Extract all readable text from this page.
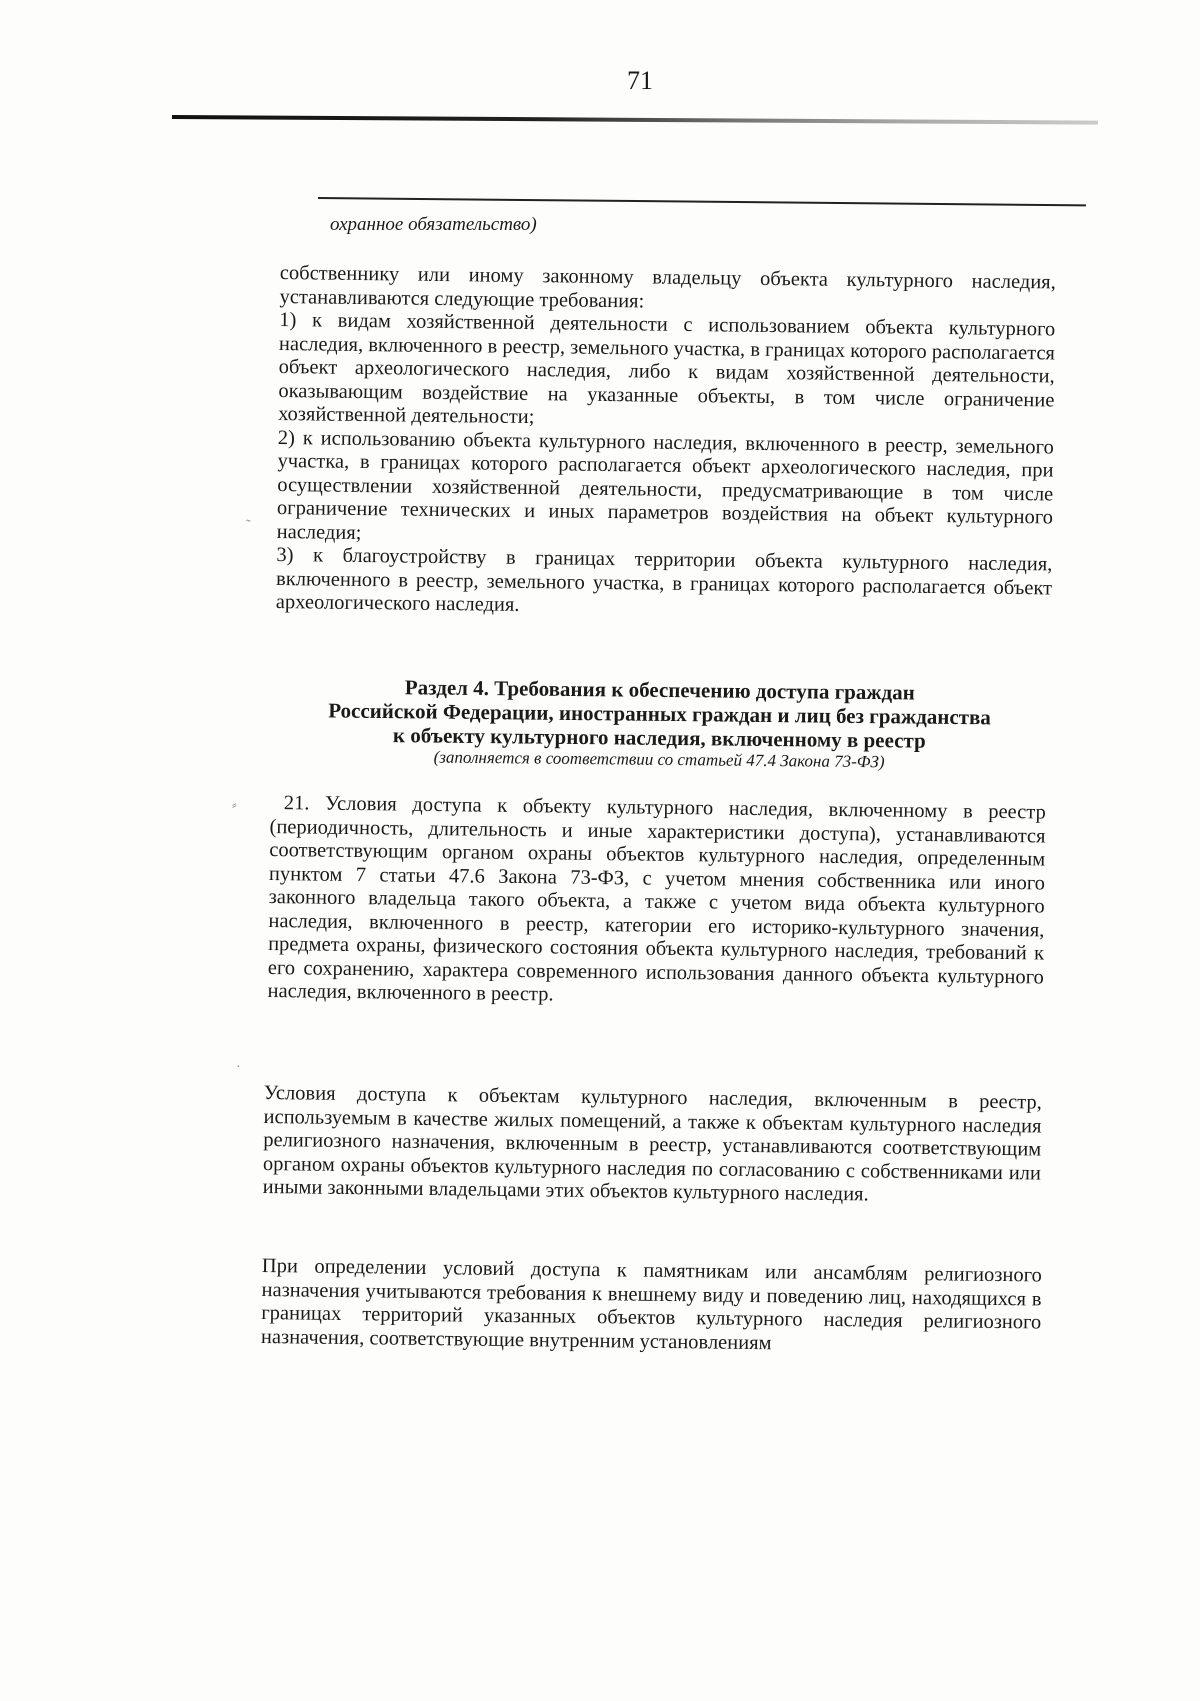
71
охранное обязательство)

собственнику или иному законному владельцу объекта культурного наследия, устанавливаются следующие требования:

1) к видам хозяйственной деятельности с использованием объекта культурного наследия, включенного в реестр, земельного участка, в границах которого располагается объект археологического наследия, либо к видам хозяйственной деятельности, оказывающим воздействие на указанные объекты, в том числе ограничение хозяйственной деятельности;

2) к использованию объекта культурного наследия, включенного в реестр, земельного участка, в границах которого располагается объект археологического наследия, при осуществлении хозяйственной деятельности, предусматривающие в том числе ограничение технических и иных параметров воздействия на объект культурного наследия;

3) к благоустройству в границах территории объекта культурного наследия, включенного в реестр, земельного участка, в границах которого располагается объект археологического наследия.

Раздел 4. Требования к обеспечению доступа граждан
Российской Федерации, иностранных граждан и лиц без гражданства
к объекту культурного наследия, включенному в реестр
(заполняется в соответствии со статьей 47.4 Закона 73-ФЗ)

21. Условия доступа к объекту культурного наследия, включенному в реестр (периодичность, длительность и иные характеристики доступа), устанавливаются соответствующим органом охраны объектов культурного наследия, определенным пунктом 7 статьи 47.6 Закона 73-ФЗ, с учетом мнения собственника или иного законного владельца такого объекта, а также с учетом вида объекта культурного наследия, включенного в реестр, категории его историко-культурного значения, предмета охраны, физического состояния объекта культурного наследия, требований к его сохранению, характера современного использования данного объекта культурного наследия, включенного в реестр.

Условия доступа к объектам культурного наследия, включенным в реестр, используемым в качестве жилых помещений, а также к объектам культурного наследия религиозного назначения, включенным в реестр, устанавливаются соответствующим органом охраны объектов культурного наследия по согласованию с собственниками или иными законными владельцами этих объектов культурного наследия.

При определении условий доступа к памятникам или ансамблям религиозного назначения учитываются требования к внешнему виду и поведению лиц, находящихся в границах территорий указанных объектов культурного наследия религиозного назначения, соответствующие внутренним установлениям

˷
⸗
·
